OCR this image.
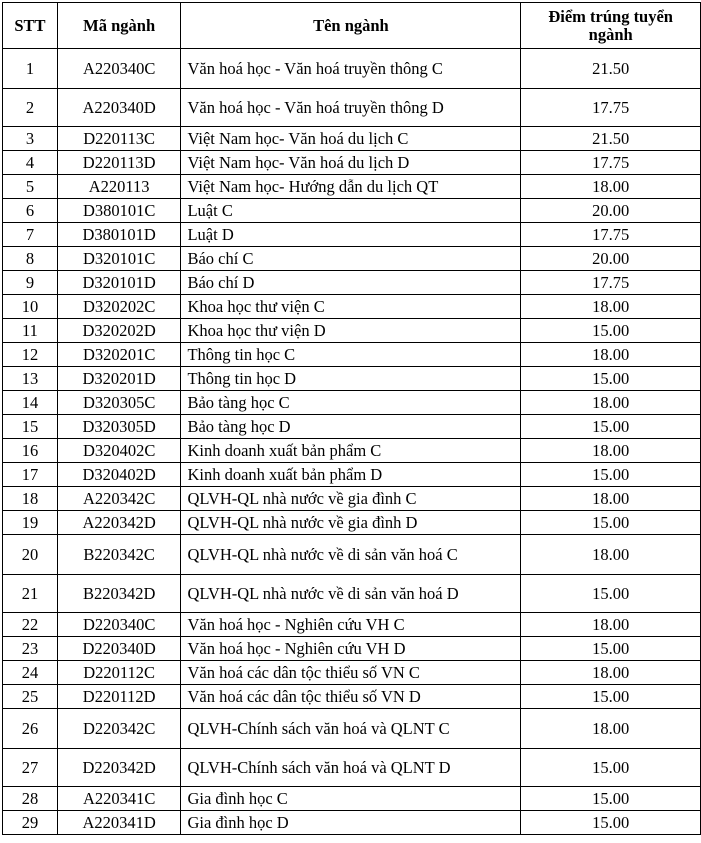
STT	Mã ngành	Tên ngành	Điểm trúng tuyển ngành
1	A220340C	Văn hoá học - Văn hoá truyền thông C	21.50
2	A220340D	Văn hoá học - Văn hoá truyền thông D	17.75
3	D220113C	Việt Nam học- Văn hoá du lịch C	21.50
4	D220113D	Việt Nam học- Văn hoá du lịch D	17.75
5	A220113	Việt Nam học- Hướng dẫn du lịch QT	18.00
6	D380101C	Luật C	20.00
7	D380101D	Luật D	17.75
8	D320101C	Báo chí C	20.00
9	D320101D	Báo chí D	17.75
10	D320202C	Khoa học thư viện C	18.00
11	D320202D	Khoa học thư viện D	15.00
12	D320201C	Thông tin học C	18.00
13	D320201D	Thông tin học D	15.00
14	D320305C	Bảo tàng học C	18.00
15	D320305D	Bảo tàng học D	15.00
16	D320402C	Kinh doanh xuất bản phẩm C	18.00
17	D320402D	Kinh doanh xuất bản phẩm D	15.00
18	A220342C	QLVH-QL nhà nước về gia đình C	18.00
19	A220342D	QLVH-QL nhà nước về gia đình D	15.00
20	B220342C	QLVH-QL nhà nước về di sản văn hoá C	18.00
21	B220342D	QLVH-QL nhà nước về di sản văn hoá D	15.00
22	D220340C	Văn hoá học - Nghiên cứu VH C	18.00
23	D220340D	Văn hoá học - Nghiên cứu VH D	15.00
24	D220112C	Văn hoá các dân tộc thiểu số VN C	18.00
25	D220112D	Văn hoá các dân tộc thiểu số VN D	15.00
26	D220342C	QLVH-Chính sách văn hoá và QLNT C	18.00
27	D220342D	QLVH-Chính sách văn hoá và QLNT D	15.00
28	A220341C	Gia đình học C	15.00
29	A220341D	Gia đình học D	15.00
